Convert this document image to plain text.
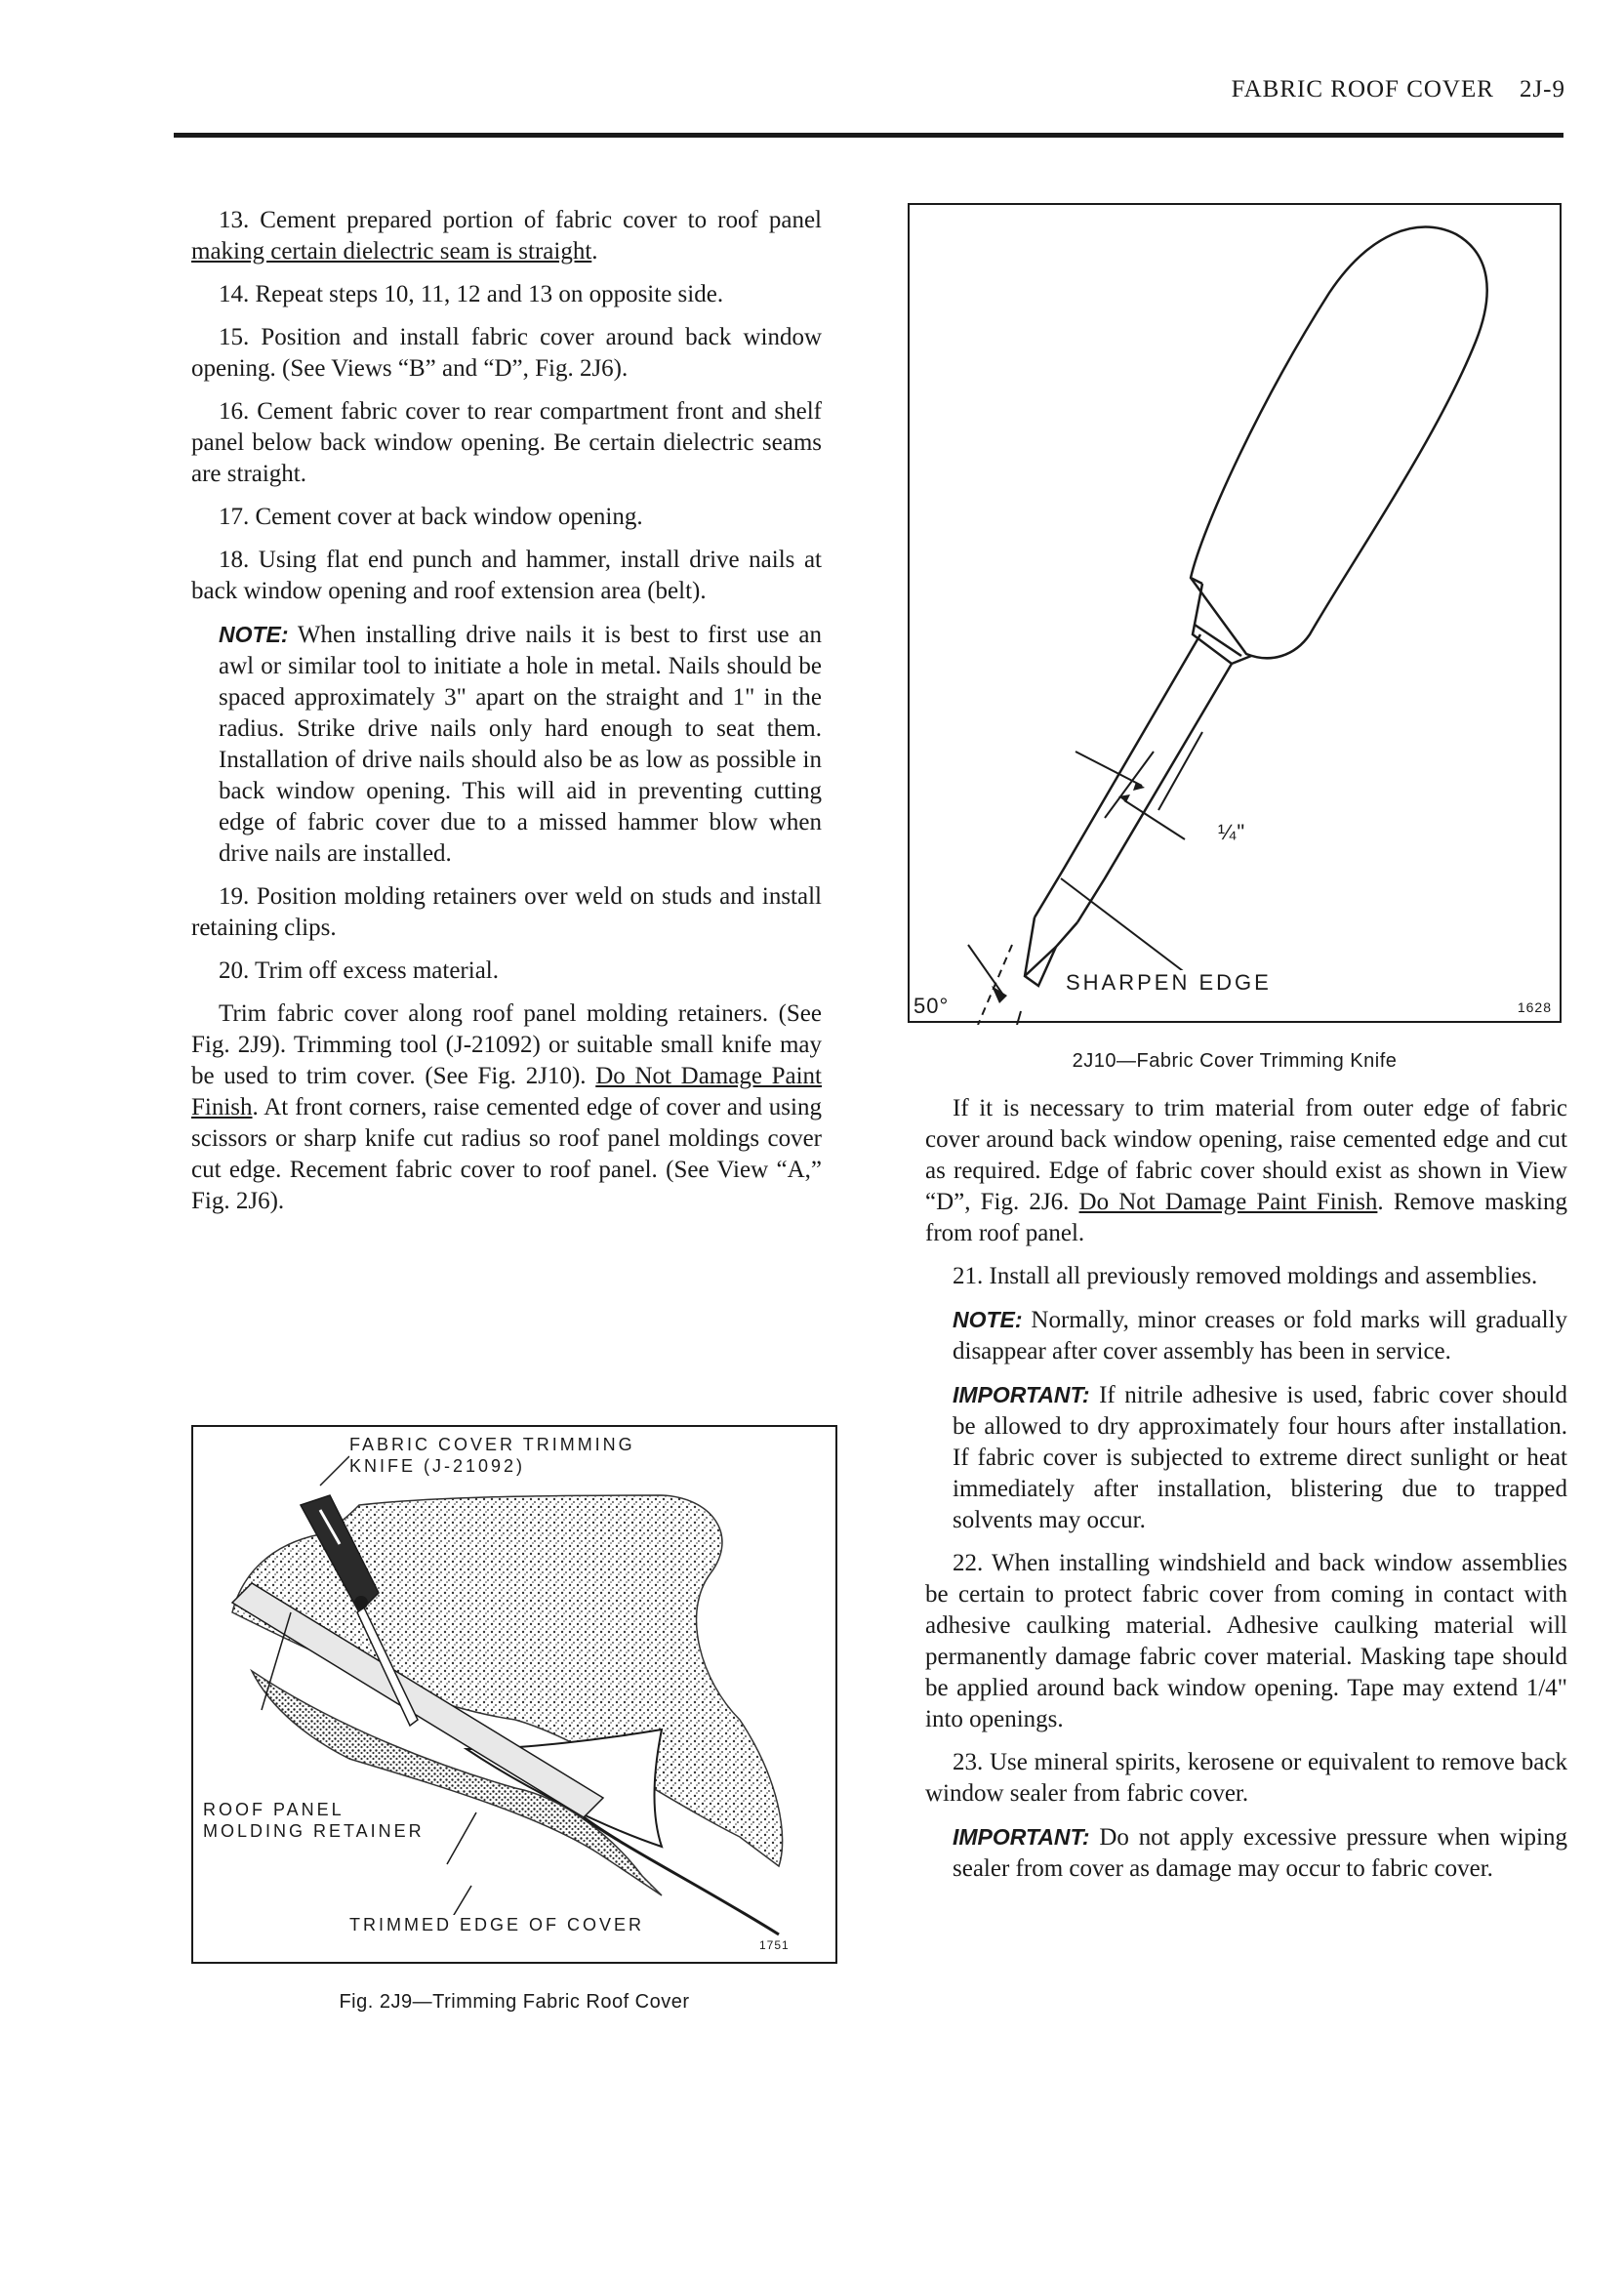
FABRIC ROOF COVER 2J-9

13. Cement prepared portion of fabric cover to roof panel making certain dielectric seam is straight.

14. Repeat steps 10, 11, 12 and 13 on opposite side.

15. Position and install fabric cover around back window opening. (See Views “B” and “D”, Fig. 2J6).

16. Cement fabric cover to rear compartment front and shelf panel below back window opening. Be certain dielectric seams are straight.

17. Cement cover at back window opening.

18. Using flat end punch and hammer, install drive nails at back window opening and roof extension area (belt).

NOTE: When installing drive nails it is best to first use an awl or similar tool to initiate a hole in metal. Nails should be spaced approximately 3" apart on the straight and 1" in the radius. Strike drive nails only hard enough to seat them. Installation of drive nails should also be as low as possible in back window opening. This will aid in preventing cutting edge of fabric cover due to a missed hammer blow when drive nails are installed.

19. Position molding retainers over weld on studs and install retaining clips.

20. Trim off excess material.

Trim fabric cover along roof panel molding retainers. (See Fig. 2J9). Trimming tool (J-21092) or suitable small knife may be used to trim cover. (See Fig. 2J10). Do Not Damage Paint Finish. At front corners, raise cemented edge of cover and using scissors or sharp knife cut radius so roof panel moldings cover cut edge. Recement fabric cover to roof panel. (See View “A,” Fig. 2J6).

¼"
SHARPEN EDGE
50°	1628
2J10—Fabric Cover Trimming Knife
FABRIC COVER TRIMMING
KNIFE (J-21092)
ROOF PANEL
MOLDING RETAINER
TRIMMED EDGE OF COVER
1751
Fig. 2J9—Trimming Fabric Roof Cover

If it is necessary to trim material from outer edge of fabric cover around back window opening, raise cemented edge and cut as required. Edge of fabric cover should exist as shown in View “D”, Fig. 2J6. Do Not Damage Paint Finish. Remove masking from roof panel.

21. Install all previously removed moldings and assemblies.

NOTE: Normally, minor creases or fold marks will gradually disappear after cover assembly has been in service.

IMPORTANT: If nitrile adhesive is used, fabric cover should be allowed to dry approximately four hours after installation. If fabric cover is subjected to extreme direct sunlight or heat immediately after installation, blistering due to trapped solvents may occur.

22. When installing windshield and back window assemblies be certain to protect fabric cover from coming in contact with adhesive caulking material. Adhesive caulking material will permanently damage fabric cover material. Masking tape should be applied around back window opening. Tape may extend 1/4" into openings.

23. Use mineral spirits, kerosene or equivalent to remove back window sealer from fabric cover.

IMPORTANT: Do not apply excessive pressure when wiping sealer from cover as damage may occur to fabric cover.
